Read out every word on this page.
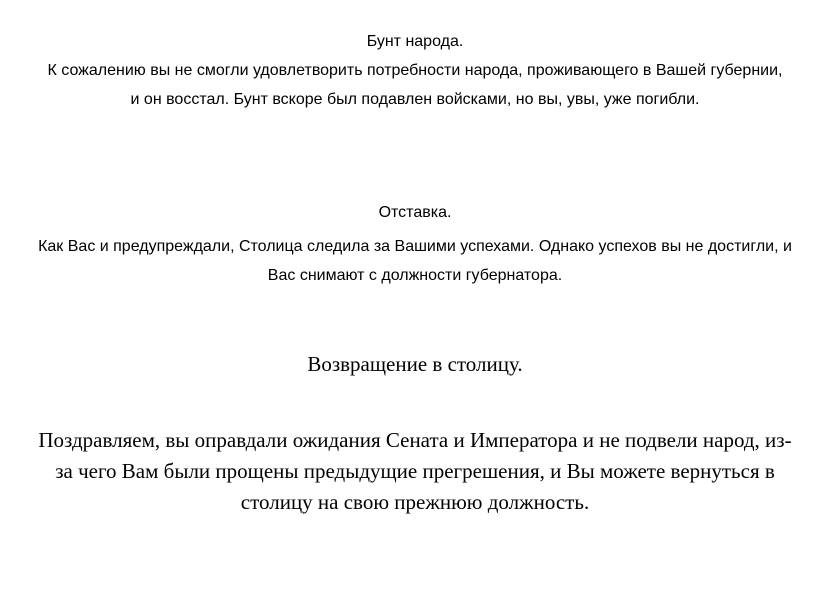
Бунт народа.

К сожалению вы не смогли удовлетворить потребности народа, проживающего в Вашей губернии, и он восстал. Бунт вскоре был подавлен войсками, но вы, увы, уже погибли.

Отставка.

Как Вас и предупреждали, Столица следила за Вашими успехами. Однако успехов вы не достигли, и Вас снимают с должности губернатора.

Возвращение в столицу.

Поздравляем, вы оправдали ожидания Сената и Императора и не подвели народ, из-за чего Вам были прощены предыдущие прегрешения, и Вы можете вернуться в столицу на свою прежнюю должность.
